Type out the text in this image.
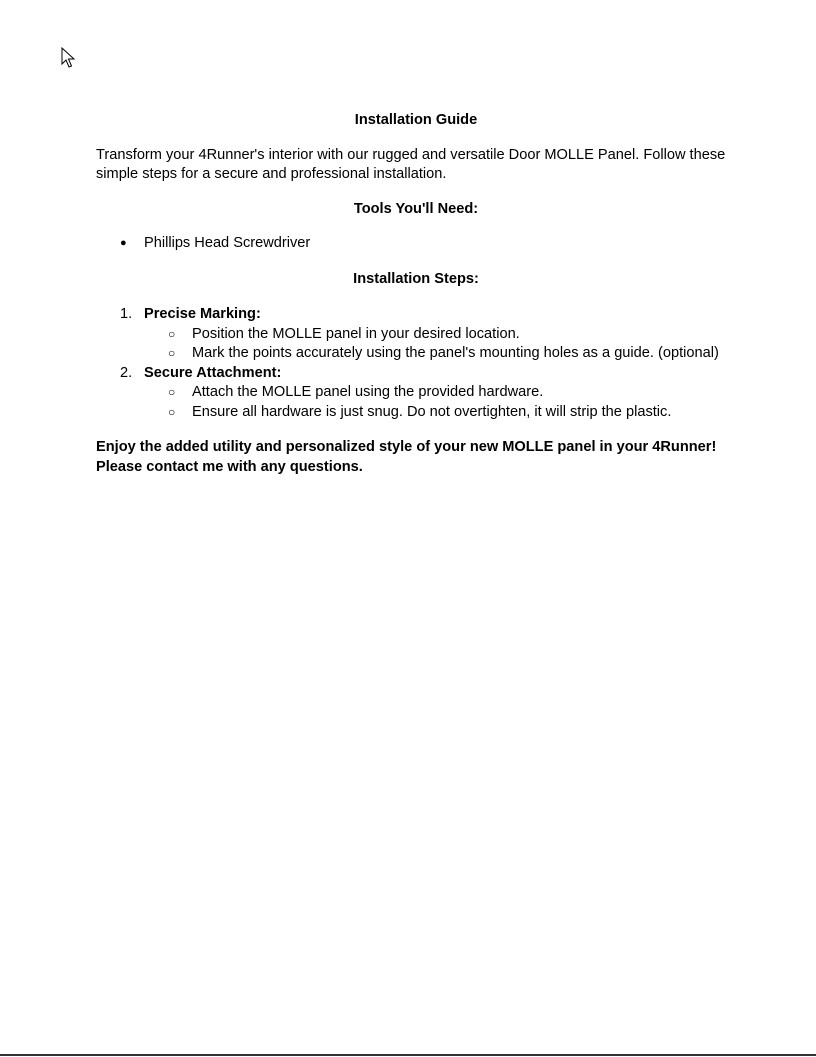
Installation Guide

Transform your 4Runner's interior with our rugged and versatile Door MOLLE Panel. Follow these simple steps for a secure and professional installation.

Tools You'll Need:

● Phillips Head Screwdriver

Installation Steps:

1. Precise Marking:
○ Position the MOLLE panel in your desired location.
○ Mark the points accurately using the panel's mounting holes as a guide. (optional)
2. Secure Attachment:
○ Attach the MOLLE panel using the provided hardware.
○ Ensure all hardware is just snug. Do not overtighten, it will strip the plastic.

Enjoy the added utility and personalized style of your new MOLLE panel in your 4Runner! Please contact me with any questions.
